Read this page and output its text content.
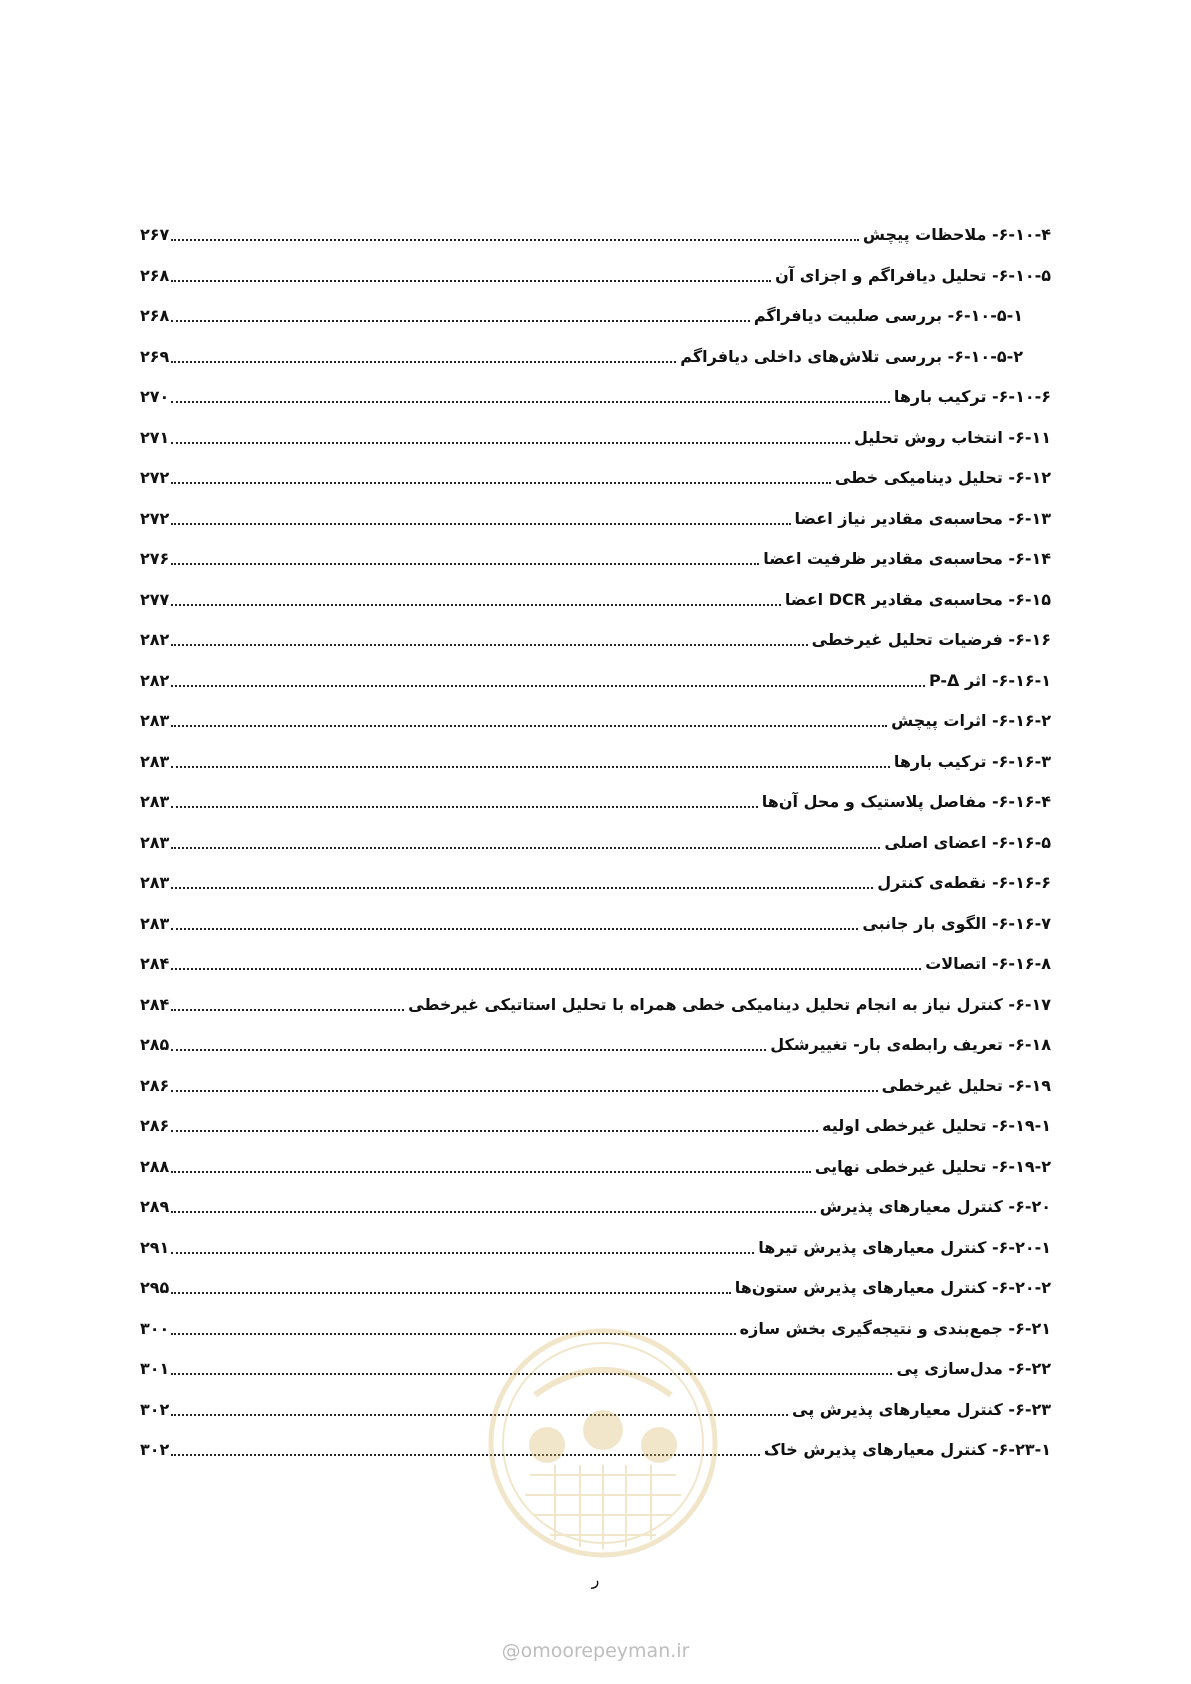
۶-۱۰-۴- ملاحظات پیچش
۲۶۷
۶-۱۰-۵- تحلیل دیافراگم و اجزای آن
۲۶۸
۶-۱۰-۵-۱- بررسی صلبیت دیافراگم
۲۶۸
۶-۱۰-۵-۲- بررسی تلاش‌های داخلی دیافراگم
۲۶۹
۶-۱۰-۶- ترکیب بارها
۲۷۰
۶-۱۱- انتخاب روش تحلیل
۲۷۱
۶-۱۲- تحلیل دینامیکی خطی
۲۷۲
۶-۱۳- محاسبه‌ی مقادیر نیاز اعضا
۲۷۲
۶-۱۴- محاسبه‌ی مقادیر ظرفیت اعضا
۲۷۶
۶-۱۵- محاسبه‌ی مقادیر DCR اعضا
۲۷۷
۶-۱۶- فرضیات تحلیل غیرخطی
۲۸۲
۶-۱۶-۱- اثر P-Δ
۲۸۲
۶-۱۶-۲- اثرات پیچش
۲۸۳
۶-۱۶-۳- ترکیب بارها
۲۸۳
۶-۱۶-۴- مفاصل پلاستیک و محل آن‌ها
۲۸۳
۶-۱۶-۵- اعضای اصلی
۲۸۳
۶-۱۶-۶- نقطه‌ی کنترل
۲۸۳
۶-۱۶-۷- الگوی بار جانبی
۲۸۳
۶-۱۶-۸- اتصالات
۲۸۴
۶-۱۷- کنترل نیاز به انجام تحلیل دینامیکی خطی همراه با تحلیل استاتیکی غیرخطی
۲۸۴
۶-۱۸- تعریف رابطه‌ی بار- تغییرشکل
۲۸۵
۶-۱۹- تحلیل غیرخطی
۲۸۶
۶-۱۹-۱- تحلیل غیرخطی اولیه
۲۸۶
۶-۱۹-۲- تحلیل غیرخطی نهایی
۲۸۸
۶-۲۰- کنترل معیارهای پذیرش
۲۸۹
۶-۲۰-۱- کنترل معیارهای پذیرش تیرها
۲۹۱
۶-۲۰-۲- کنترل معیارهای پذیرش ستون‌ها
۲۹۵
۶-۲۱- جمع‌بندی و نتیجه‌گیری بخش سازه
۳۰۰
۶-۲۲- مدل‌سازی پی
۳۰۱
۶-۲۳- کنترل معیارهای پذیرش پی
۳۰۲
۶-۲۳-۱- کنترل معیارهای پذیرش خاک
۳۰۲
ر
@omoorepeyman.ir
